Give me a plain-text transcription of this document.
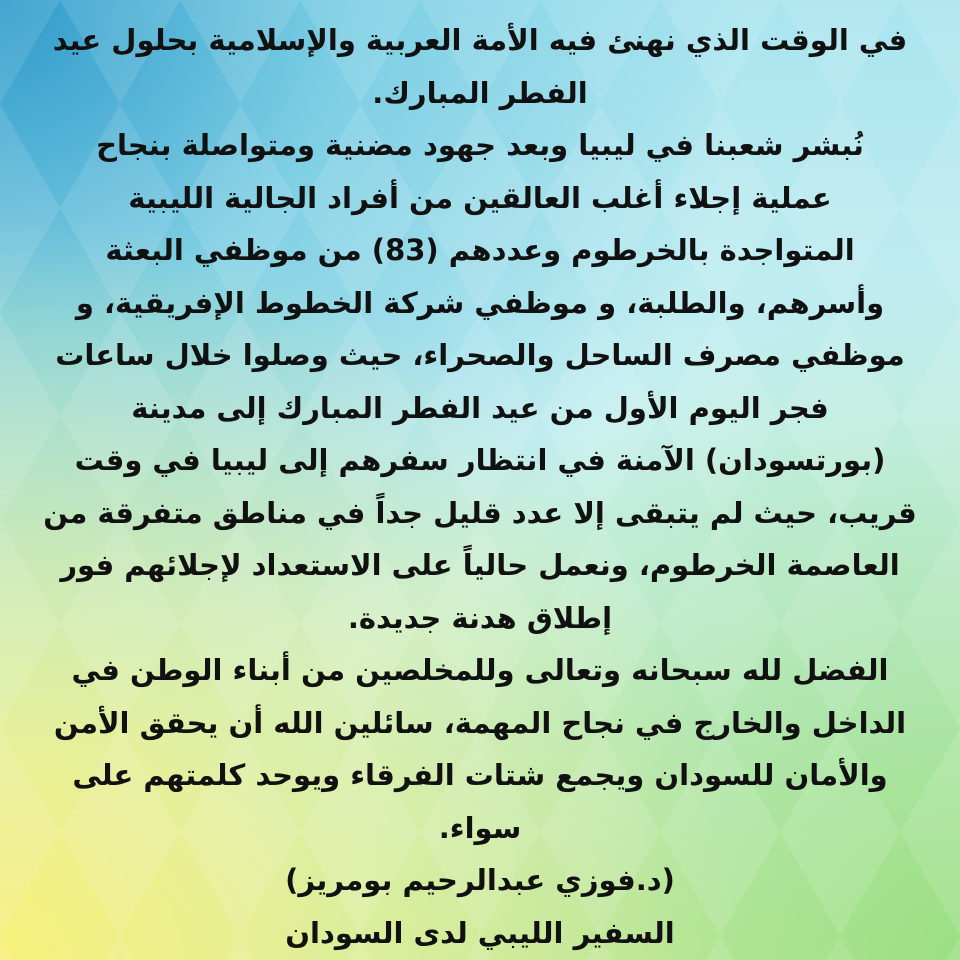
في الوقت الذي نهنئ فيه الأمة العربية والإسلامية بحلول عيد
الفطر المبارك.
نُبشر شعبنا في ليبيا وبعد جهود مضنية ومتواصلة بنجاح
عملية إجلاء أغلب العالقين من أفراد الجالية الليبية
المتواجدة بالخرطوم وعددهم (83) من موظفي البعثة
وأسرهم، والطلبة، و موظفي شركة الخطوط الإفريقية، و
موظفي مصرف الساحل والصحراء، حيث وصلوا خلال ساعات
فجر اليوم الأول من عيد الفطر المبارك إلى مدينة
(بورتسودان) الآمنة في انتظار سفرهم إلى ليبيا في وقت
قريب، حيث لم يتبقى إلا عدد قليل جداً في مناطق متفرقة من
العاصمة الخرطوم، ونعمل حالياً على الاستعداد لإجلائهم فور
إطلاق هدنة جديدة.
الفضل لله سبحانه وتعالى وللمخلصين من أبناء الوطن في
الداخل والخارج في نجاح المهمة، سائلين الله أن يحقق الأمن
والأمان للسودان ويجمع شتات الفرقاء ويوحد كلمتهم على
سواء.
(د.فوزي عبدالرحيم بومريز)
السفير الليبي لدى السودان
